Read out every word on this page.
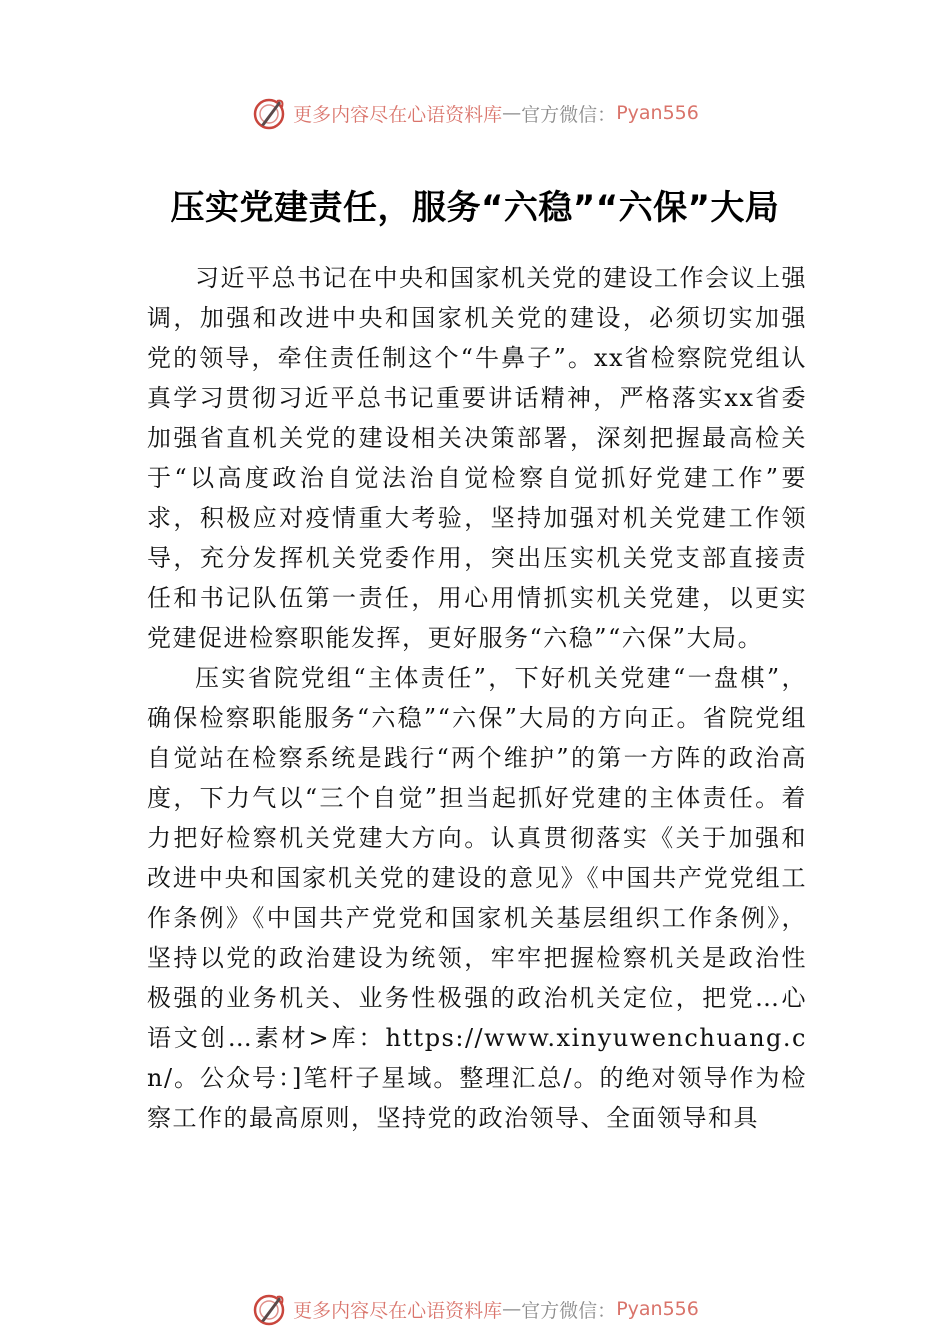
更多内容尽在心语资料库 — 官方微信： Pyan556
压实党建责任，服务“六稳”“六保”大局

习近平总书记在中央和国家机关党的建设工作会议上强调，加强和改进中央和国家机关党的建设，必须切实加强党的领导，牵住责任制这个“牛鼻子”。xx省检察院党组认真学习贯彻习近平总书记重要讲话精神，严格落实xx省委加强省直机关党的建设相关决策部署，深刻把握最高检关于“以高度政治自觉法治自觉检察自觉抓好党建工作”要求，积极应对疫情重大考验，坚持加强对机关党建工作领导，充分发挥机关党委作用，突出压实机关党支部直接责任和书记队伍第一责任，用心用情抓实机关党建，以更实党建促进检察职能发挥，更好服务“六稳”“六保”大局。

压实省院党组“主体责任”，下好机关党建“一盘棋”，确保检察职能服务“六稳”“六保”大局的方向正。省院党组自觉站在检察系统是践行“两个维护”的第一方阵的政治高度，下力气以“三个自觉”担当起抓好党建的主体责任。着力把好检察机关党建大方向。认真贯彻落实《关于加强和改进中央和国家机关党的建设的意见》《中国共产党党组工作条例》《中国共产党党和国家机关基层组织工作条例》，坚持以党的政治建设为统领，牢牢把握检察机关是政治性极强的业务机关、业务性极强的政治机关定位，把党…心语文创…素材>库：https://www.xinyuwenchuang.cn/。公众号：]笔杆子星域。整理汇总/。的绝对领导作为检察工作的最高原则，坚持党的政治领导、全面领导和具

更多内容尽在心语资料库 — 官方微信： Pyan556
